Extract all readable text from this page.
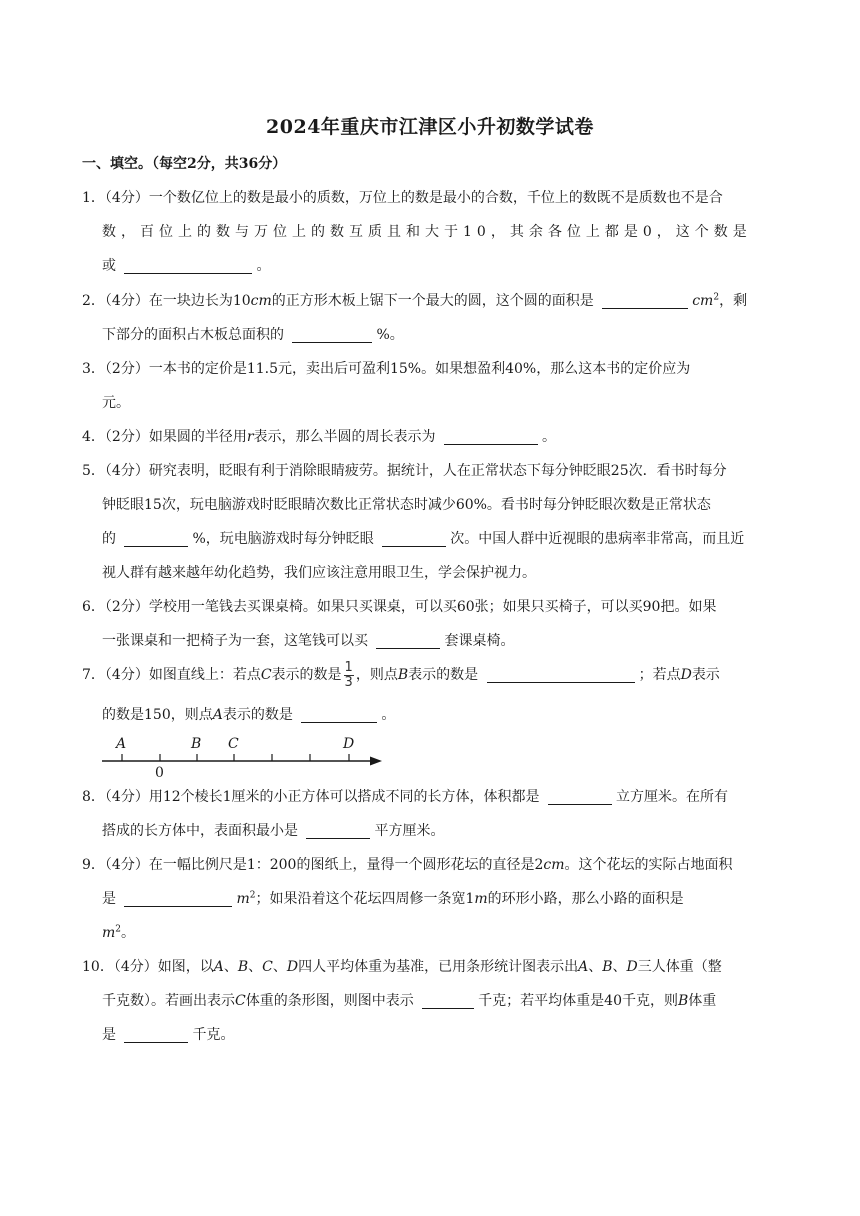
2024年重庆市江津区小升初数学试卷
一、填空。（每空2分，共36分）
1．（4分）一个数亿位上的数是最小的质数，万位上的数是最小的合数，千位上的数既不是质数也不是合
数，百位上的数与万位上的数互质且和大于10，其余各位上都是0，这个数是
或	。
2．（4分）在一块边长为10cm的正方形木板上锯下一个最大的圆，这个圆的面积是	$cm^2$，剩
下部分的面积占木板总面积的	%。
3．（2分）一本书的定价是11.5元，卖出后可盈利15%。如果想盈利40%，那么这本书的定价应为
元。
4．（2分）如果圆的半径用r表示，那么半圆的周长表示为	。
5．（4分）研究表明，眨眼有利于消除眼睛疲劳。据统计，人在正常状态下每分钟眨眼25次．看书时每分
钟眨眼15次，玩电脑游戏时眨眼睛次数比正常状态时减少60%。看书时每分钟眨眼次数是正常状态
的	%，玩电脑游戏时每分钟眨眼	次。中国人群中近视眼的患病率非常高，而且近
视人群有越来越年幼化趋势，我们应该注意用眼卫生，学会保护视力。
6．（2分）学校用一笔钱去买课桌椅。如果只买课桌，可以买60张；如果只买椅子，可以买90把。如果
一张课桌和一把椅子为一套，这笔钱可以买	套课桌椅。
7．（4分）如图直线上：若点C表示的数是 $\frac{1}{3}$ ，则点B表示的数是	；若点D表示
的数是150，则点A表示的数是	。
A	B C	D
0
8．（4分）用12个棱长1厘米的小正方体可以搭成不同的长方体，体积都是	立方厘米。在所有
搭成的长方体中，表面积最小是	平方厘米。
9．（4分）在一幅比例尺是1：200的图纸上，量得一个圆形花坛的直径是2cm。这个花坛的实际占地面积
是	$m^2$；如果沿着这个花坛四周修一条宽1m的环形小路，那么小路的面积是
$m^2$。
10．（4分）如图，以A、B、C、D四人平均体重为基准，已用条形统计图表示出A、B、D三人体重（整
千克数）。若画出表示C体重的条形图，则图中表示	千克；若平均体重是40千克，则B体重
是	千克。
